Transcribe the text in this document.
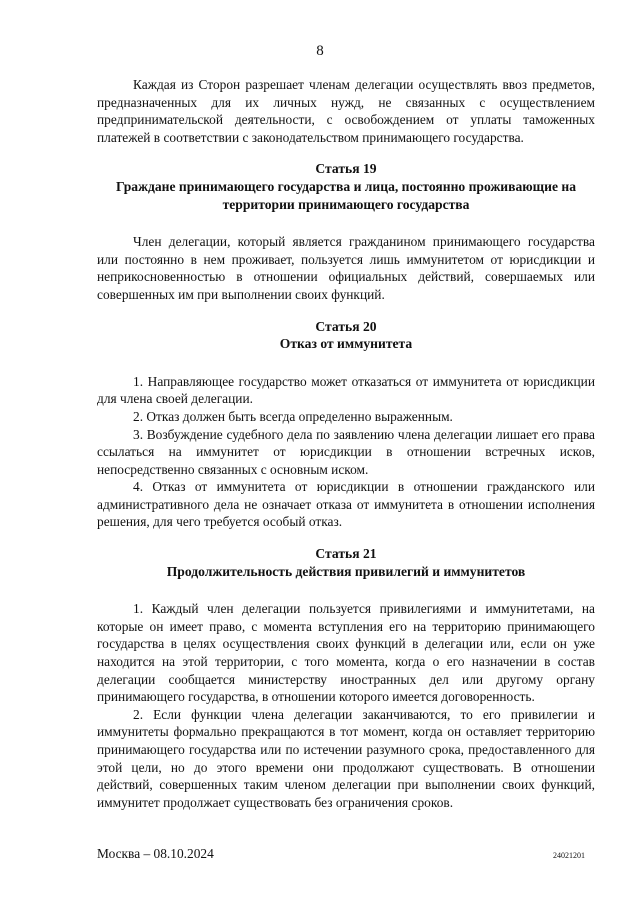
8

Каждая из Сторон разрешает членам делегации осуществлять ввоз предметов, предназначенных для их личных нужд, не связанных с осуществлением предпринимательской деятельности, с освобождением от уплаты таможенных платежей в соответствии с законодательством принимающего государства.

Статья 19
Граждане принимающего государства и лица, постоянно проживающие на территории принимающего государства

Член делегации, который является гражданином принимающего государства или постоянно в нем проживает, пользуется лишь иммунитетом от юрисдикции и неприкосновенностью в отношении официальных действий, совершаемых или совершенных им при выполнении своих функций.

Статья 20
Отказ от иммунитета

1. Направляющее государство может отказаться от иммунитета от юрисдикции для члена своей делегации.

2. Отказ должен быть всегда определенно выраженным.

3. Возбуждение судебного дела по заявлению члена делегации лишает его права ссылаться на иммунитет от юрисдикции в отношении встречных исков, непосредственно связанных с основным иском.

4. Отказ от иммунитета от юрисдикции в отношении гражданского или административного дела не означает отказа от иммунитета в отношении исполнения решения, для чего требуется особый отказ.

Статья 21
Продолжительность действия привилегий и иммунитетов

1. Каждый член делегации пользуется привилегиями и иммунитетами, на которые он имеет право, с момента вступления его на территорию принимающего государства в целях осуществления своих функций в делегации или, если он уже находится на этой территории, с того момента, когда о его назначении в состав делегации сообщается министерству иностранных дел или другому органу принимающего государства, в отношении которого имеется договоренность.

2. Если функции члена делегации заканчиваются, то его привилегии и иммунитеты формально прекращаются в тот момент, когда он оставляет территорию принимающего государства или по истечении разумного срока, предоставленного для этой цели, но до этого времени они продолжают существовать. В отношении действий, совершенных таким членом делегации при выполнении своих функций, иммунитет продолжает существовать без ограничения сроков.

Москва – 08.10.2024	24021201
